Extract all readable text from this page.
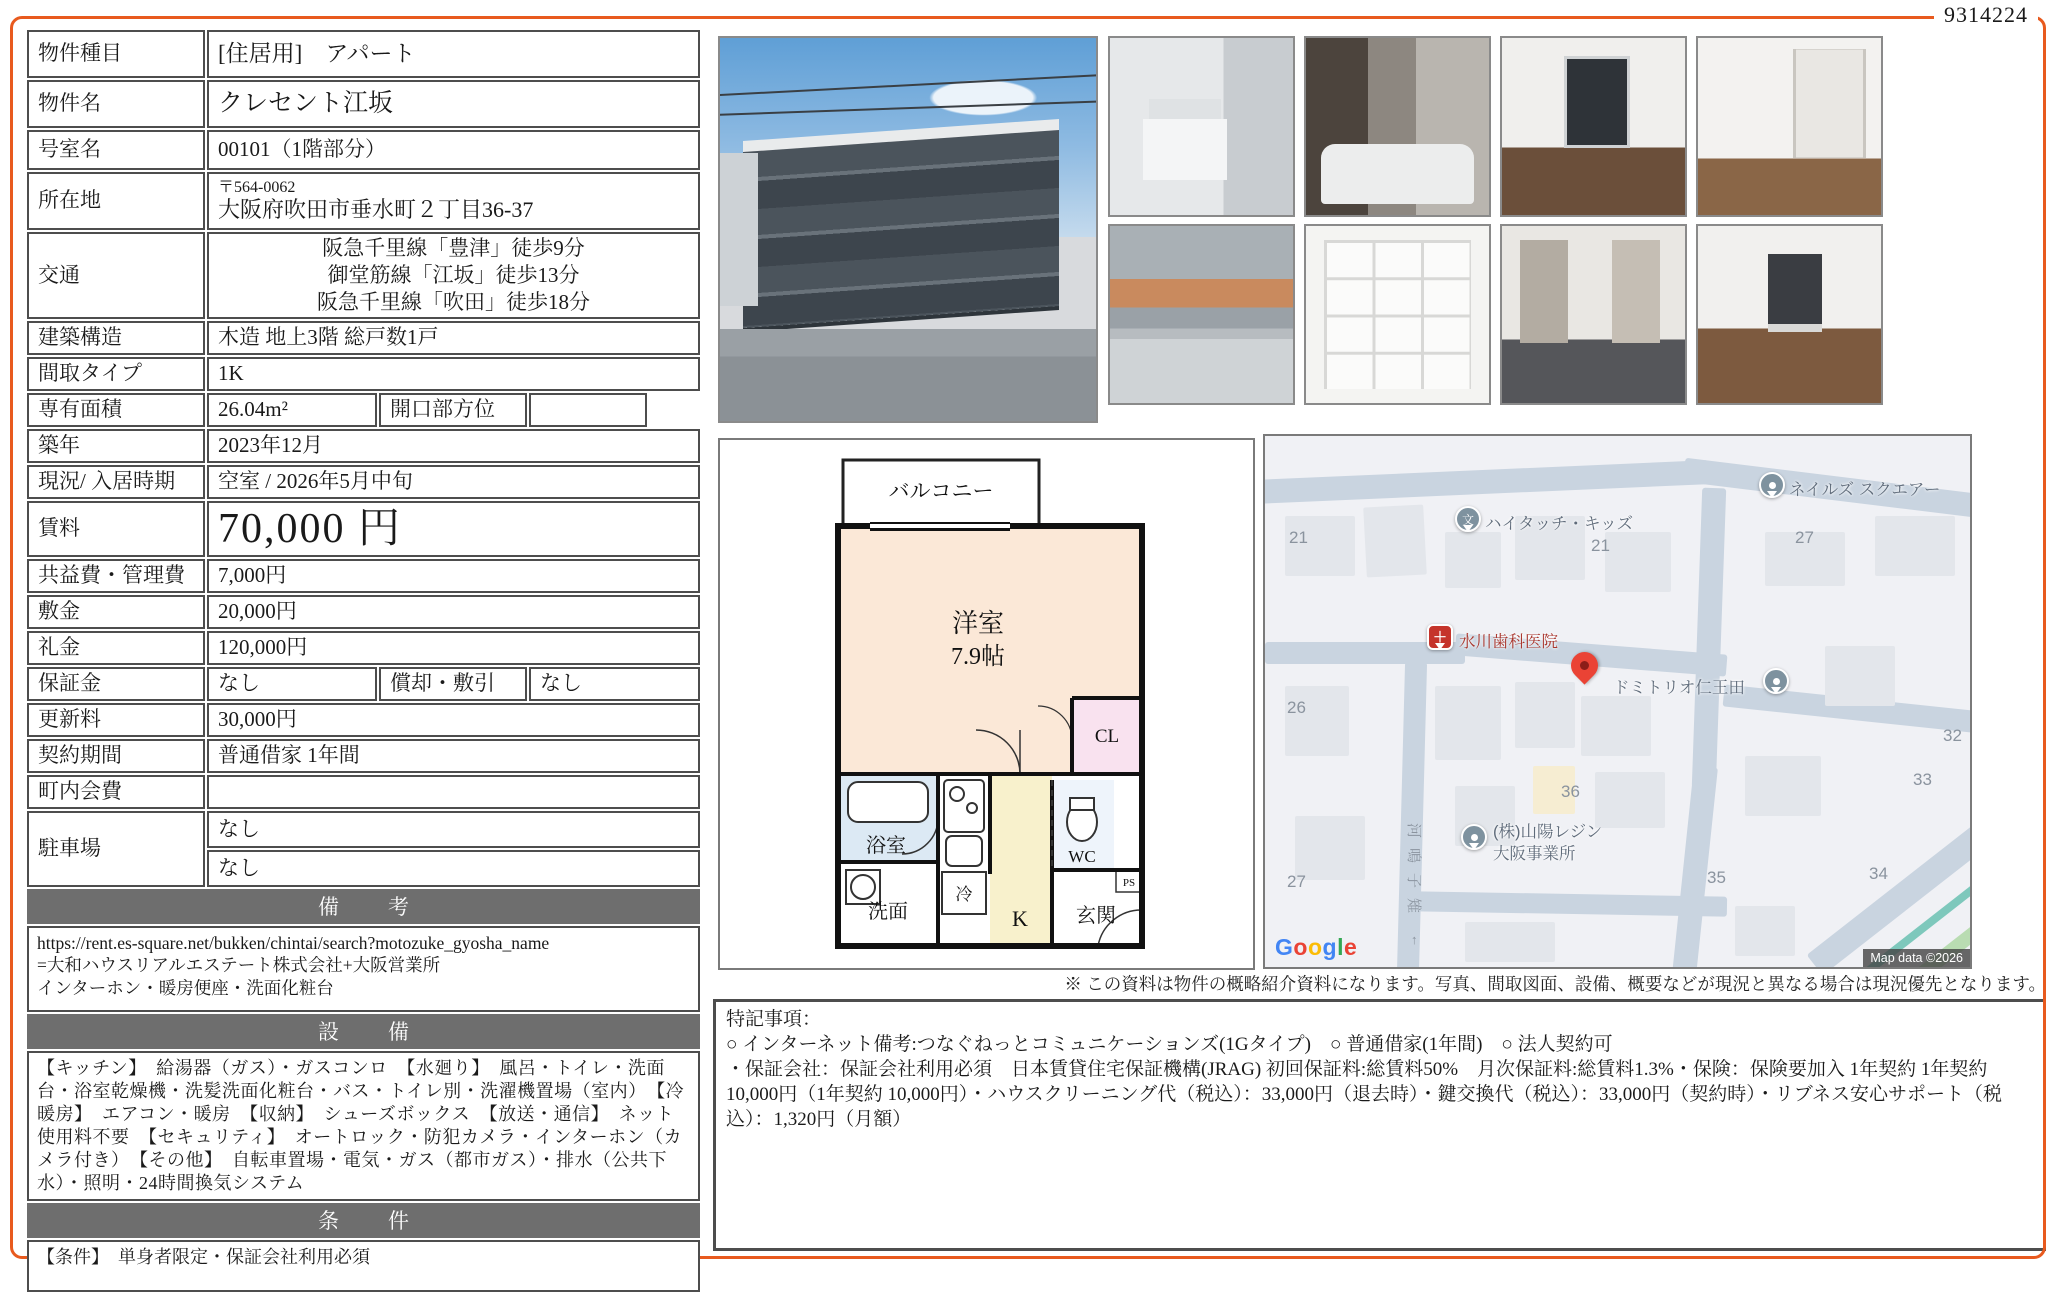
9314224
物件種目	[住居用]　アパート
物件名	クレセント江坂
号室名	00101（1階部分）
所在地
〒564-0062
大阪府吹田市垂水町２丁目36-37
交通
阪急千里線「豊津」徒歩9分
御堂筋線「江坂」徒歩13分
阪急千里線「吹田」徒歩18分
建築構造	木造 地上3階 総戸数1戸
間取タイプ	1K
専有面積	26.04m²	開口部方位
築年	2023年12月
現況/ 入居時期	空室 / 2026年5月中旬
賃料	70,000 円
共益費・管理費	7,000円
敷金	20,000円
礼金	120,000円
保証金	なし	償却・敷引	なし
更新料	30,000円
契約期間	普通借家 1年間
町内会費
駐車場
なし
なし
備　考
https://rent.es-square.net/bukken/chintai/search?motozuke_gyosha_name
=大和ハウスリアルエステート株式会社+大阪営業所
インターホン・暖房便座・洗面化粧台
設　備
【キッチン】　給湯器（ガス）・ガスコンロ　【水廻り】　風呂・トイレ・洗面台・浴室乾燥機・洗髪洗面化粧台・バス・トイレ別・洗濯機置場（室内）　【冷暖房】　エアコン・暖房　【収納】　シューズボックス　【放送・通信】　ネット使用料不要　【セキュリティ】　オートロック・防犯カメラ・インターホン（カメラ付き）　【その他】　自転車置場・電気・ガス（都市ガス）・排水（公共下水）・照明・24時間換気システム
条　件
【条件】　単身者限定・保証会社利用必須
バルコニー
洋室
7.9帖
CL
浴室
洗面	K
WC
玄関
冷
PS
21	21	27
26
32
33
36
27	35	34
ネイルズ スクエアー
文 ハイタッチ・キッズ
＋ 水川歯科医院
ドミトリオ仁王田
(株)山陽レジン
大阪事業所
河
鳴
子
雉
↑
Google	Map data ©2026
※ この資料は物件の概略紹介資料になります。写真、間取図面、設備、概要などが現況と異なる場合は現況優先となります。
特記事項：
○ インターネット備考:つなぐねっとコミュニケーションズ(1Gタイプ)　○ 普通借家(1年間)　○ 法人契約可
・保証会社：保証会社利用必須　日本賃貸住宅保証機構(JRAG) 初回保証料:総賃料50%　月次保証料:総賃料1.3%・保険：保険要加入 1年契約 1年契約 10,000円（1年契約 10,000円）・ハウスクリーニング代（税込）：33,000円（退去時）・鍵交換代（税込）：33,000円（契約時）・リブネス安心サポート（税込）：1,320円（月額）
